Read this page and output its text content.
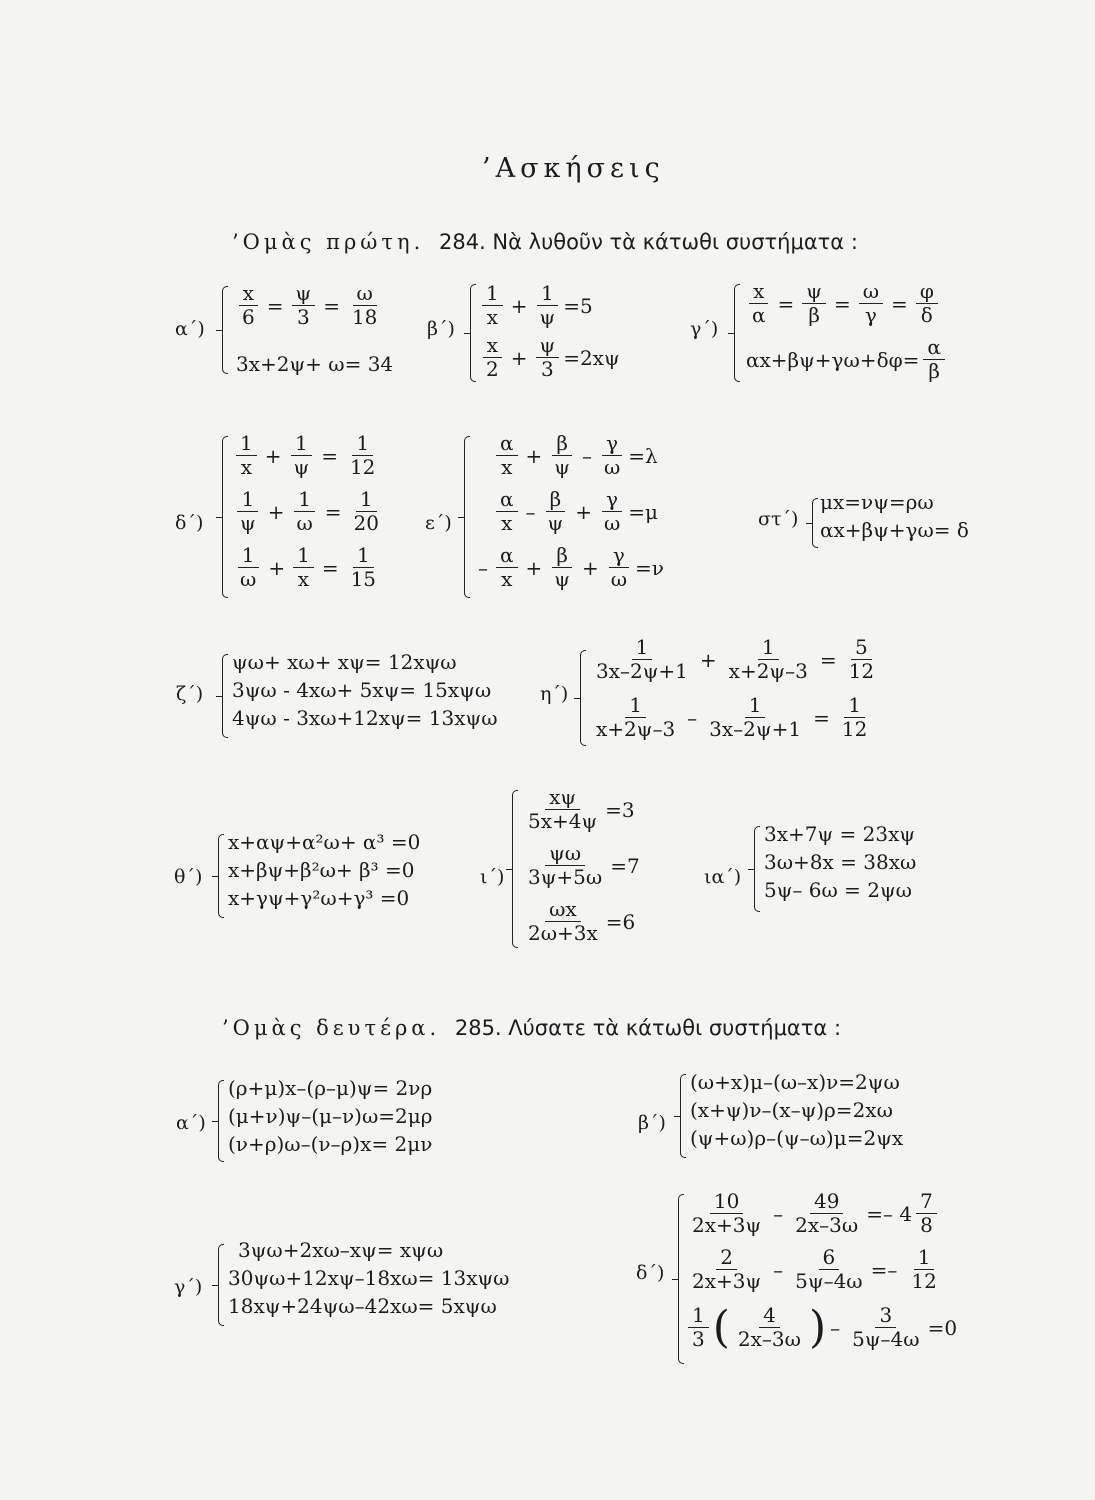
’Ασκήσεις
’Ομὰς πρώτη. 284. Νὰ λυθοῦν τὰ κάτωθι συστήματα :
$\alpha΄) \frac{x}{6} = \frac{\psi}{3} = \frac{\omega}{18}$
3x+2ψ+ ω= 34
$\beta΄) \frac{1}{x} + \frac{1}{\psi} =5$
$\frac{x}{2} + \frac{\psi}{3} =2x\psi$
γ΄)
$\frac{x}{\alpha} = \frac{\psi}{\beta} = \frac{\omega}{\gamma} = \frac{\varphi}{\delta}$
$\alpha x+\beta\psi+\gamma\omega+\delta\varphi= \frac{\alpha}{\beta}$
δ΄)
$\frac{1}{x} + \frac{1}{\psi} = \frac{1}{12}$
$\frac{1}{\psi} + \frac{1}{\omega} = \frac{1}{20}$
$\frac{1}{\omega} + \frac{1}{x} = \frac{1}{15}$
ε΄)
$\frac{\alpha}{x} + \frac{\beta}{\psi} - \frac{\gamma}{\omega} =\lambda$
$\frac{\alpha}{x} - \frac{\beta}{\psi} + \frac{\gamma}{\omega} =\mu$
– $\frac{\alpha}{x} + \frac{\beta}{\psi} + \frac{\gamma}{\omega} =\nu$
στ΄)
μx=νψ=ρω
αx+βψ+γω= δ
ζ΄)
ψω+ xω+ xψ= 12xψω
3ψω - 4xω+ 5xψ= 15xψω
4ψω - 3xω+12xψ= 13xψω
η΄)
$\frac{1}{3x-2\psi+1} + \frac{1}{x+2\psi-3} = \frac{5}{12}$
$\frac{1}{x+2\psi-3} - \frac{1}{3x-2\psi+1} = \frac{1}{12}$
θ΄)
x+αψ+α²ω+ α³ =0
x+βψ+β²ω+ β³ =0
x+γψ+γ²ω+γ³ =0
ι΄)
$\frac{x\psi}{5x+4\psi} =3$
$\frac{\psi\omega}{3\psi+5\omega} =7$
$\frac{\omega x}{2\omega+3x} =6$
ια΄)
3x+7ψ = 23xψ
3ω+8x = 38xω
5ψ– 6ω = 2ψω
’Ομὰς δευτέρα. 285. Λύσατε τὰ κάτωθι συστήματα :
α΄)
(ρ+μ)x–(ρ–μ)ψ= 2νρ
(μ+ν)ψ–(μ–ν)ω=2μρ
(ν+ρ)ω–(ν–ρ)x= 2μν
β΄)
(ω+x)μ–(ω–x)ν=2ψω
(x+ψ)ν–(x–ψ)ρ=2xω
(ψ+ω)ρ–(ψ–ω)μ=2ψx
γ΄)
3ψω+2xω–xψ= xψω
30ψω+12xψ–18xω= 13xψω
18xψ+24ψω–42xω= 5xψω
δ΄)
$\frac{10}{2x+3\psi} - \frac{49}{2x-3\omega} =- 4 \frac{7}{8}$
$\frac{2}{2x+3\psi} - \frac{6}{5\psi-4\omega} =- \frac{1}{12}$
$\frac{1}{3}$ ( $\frac{4}{2x-3\omega}$ ) – $\frac{3}{5\psi-4\omega} =0$
